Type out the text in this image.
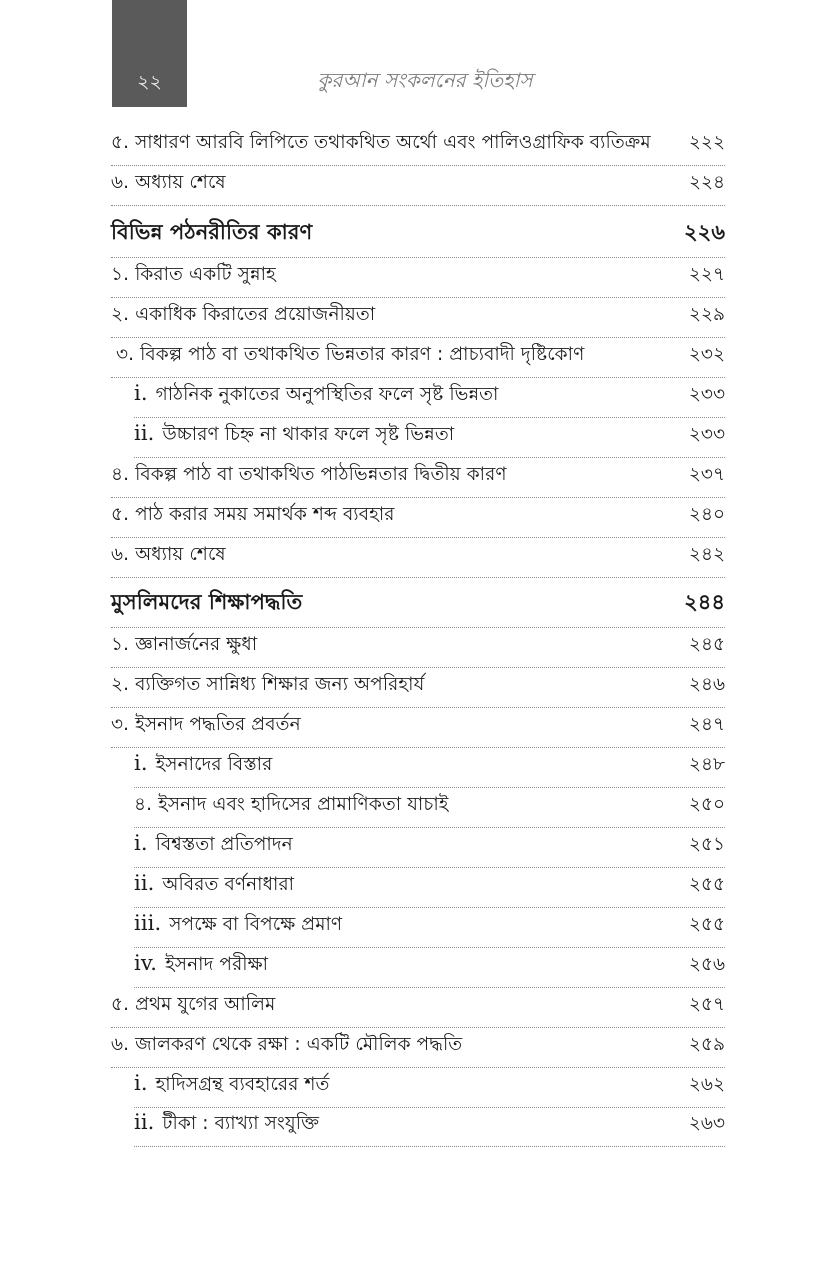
২২	কুরআন সংকলনের ইতিহাস
৫. সাধারণ আরবি লিপিতে তথাকথিত অর্থো এবং পালিওগ্রাফিক ব্যতিক্রম	২২২
৬. অধ্যায় শেষে	২২৪
বিভিন্ন পঠনরীতির কারণ	২২৬
১. কিরাত একটি সুন্নাহ	২২৭
২. একাধিক কিরাতের প্রয়োজনীয়তা	২২৯
৩. বিকল্প পাঠ বা তথাকথিত ভিন্নতার কারণ : প্রাচ্যবাদী দৃষ্টিকোণ	২৩২
i. গাঠনিক নুকাতের অনুপস্থিতির ফলে সৃষ্ট ভিন্নতা	২৩৩
ii. উচ্চারণ চিহ্ন না থাকার ফলে সৃষ্ট ভিন্নতা	২৩৩
৪. বিকল্প পাঠ বা তথাকথিত পাঠভিন্নতার দ্বিতীয় কারণ	২৩৭
৫. পাঠ করার সময় সমার্থক শব্দ ব্যবহার	২৪০
৬. অধ্যায় শেষে	২৪২
মুসলিমদের শিক্ষাপদ্ধতি	২৪৪
১. জ্ঞানার্জনের ক্ষুধা	২৪৫
২. ব্যক্তিগত সান্নিধ্য শিক্ষার জন্য অপরিহার্য	২৪৬
৩. ইসনাদ পদ্ধতির প্রবর্তন	২৪৭
i. ইসনাদের বিস্তার	২৪৮
৪. ইসনাদ এবং হাদিসের প্রামাণিকতা যাচাই	২৫০
i. বিশ্বস্ততা প্রতিপাদন	২৫১
ii. অবিরত বর্ণনাধারা	২৫৫
iii. সপক্ষে বা বিপক্ষে প্রমাণ	২৫৫
iv. ইসনাদ পরীক্ষা	২৫৬
৫. প্রথম যুগের আলিম	২৫৭
৬. জালকরণ থেকে রক্ষা : একটি মৌলিক পদ্ধতি	২৫৯
i. হাদিসগ্রন্থ ব্যবহারের শর্ত	২৬২
ii. টীকা : ব্যাখ্যা সংযুক্তি	২৬৩
